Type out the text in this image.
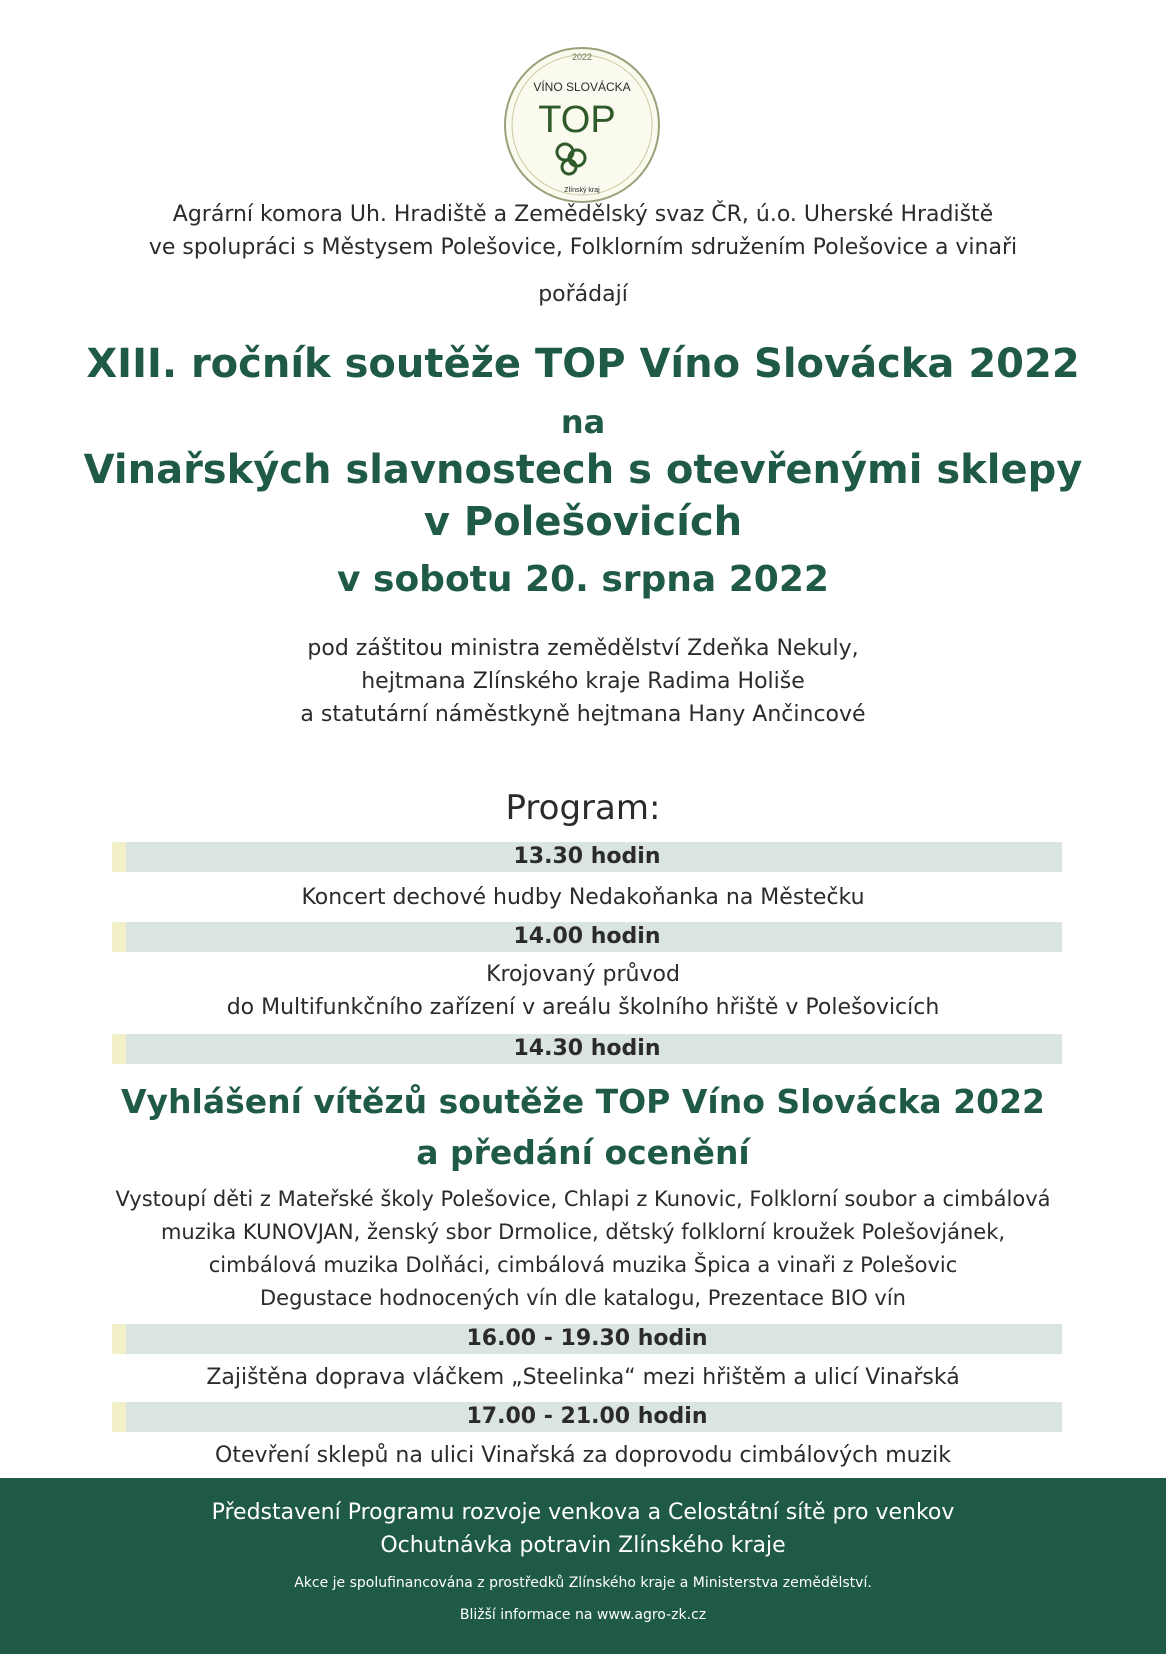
2022
VÍNO SLOVÁCKA
TOP
Zlínský kraj
Agrární komora Uh. Hradiště a Zemědělský svaz ČR, ú.o. Uherské Hradiště
ve spolupráci s Městysem Polešovice, Folklorním sdružením Polešovice a vinaři
pořádají
XIII. ročník soutěže TOP Víno Slovácka 2022
na
Vinařských slavnostech s otevřenými sklepy
v Polešovicích
v sobotu 20. srpna 2022
pod záštitou ministra zemědělství Zdeňka Nekuly,
hejtmana Zlínského kraje Radima Holiše
a statutární náměstkyně hejtmana Hany Ančincové
Program:
13.30 hodin
Koncert dechové hudby Nedakoňanka na Městečku
14.00 hodin
Krojovaný průvod
do Multifunkčního zařízení v areálu školního hřiště v Polešovicích
14.30 hodin
Vyhlášení vítězů soutěže TOP Víno Slovácka 2022
a předání ocenění
Vystoupí děti z Mateřské školy Polešovice, Chlapi z Kunovic, Folklorní soubor a cimbálová
muzika KUNOVJAN, ženský sbor Drmolice, dětský folklorní kroužek Polešovjánek,
cimbálová muzika Dolňáci, cimbálová muzika Špica a vinaři z Polešovic
Degustace hodnocených vín dle katalogu, Prezentace BIO vín
16.00 - 19.30 hodin
Zajištěna doprava vláčkem „Steelinka“ mezi hřištěm a ulicí Vinařská
17.00 - 21.00 hodin
Otevření sklepů na ulici Vinařská za doprovodu cimbálových muzik
Představení Programu rozvoje venkova a Celostátní sítě pro venkov
Ochutnávka potravin Zlínského kraje
Akce je spolufinancována z prostředků Zlínského kraje a Ministerstva zemědělství.
Bližší informace na www.agro-zk.cz
